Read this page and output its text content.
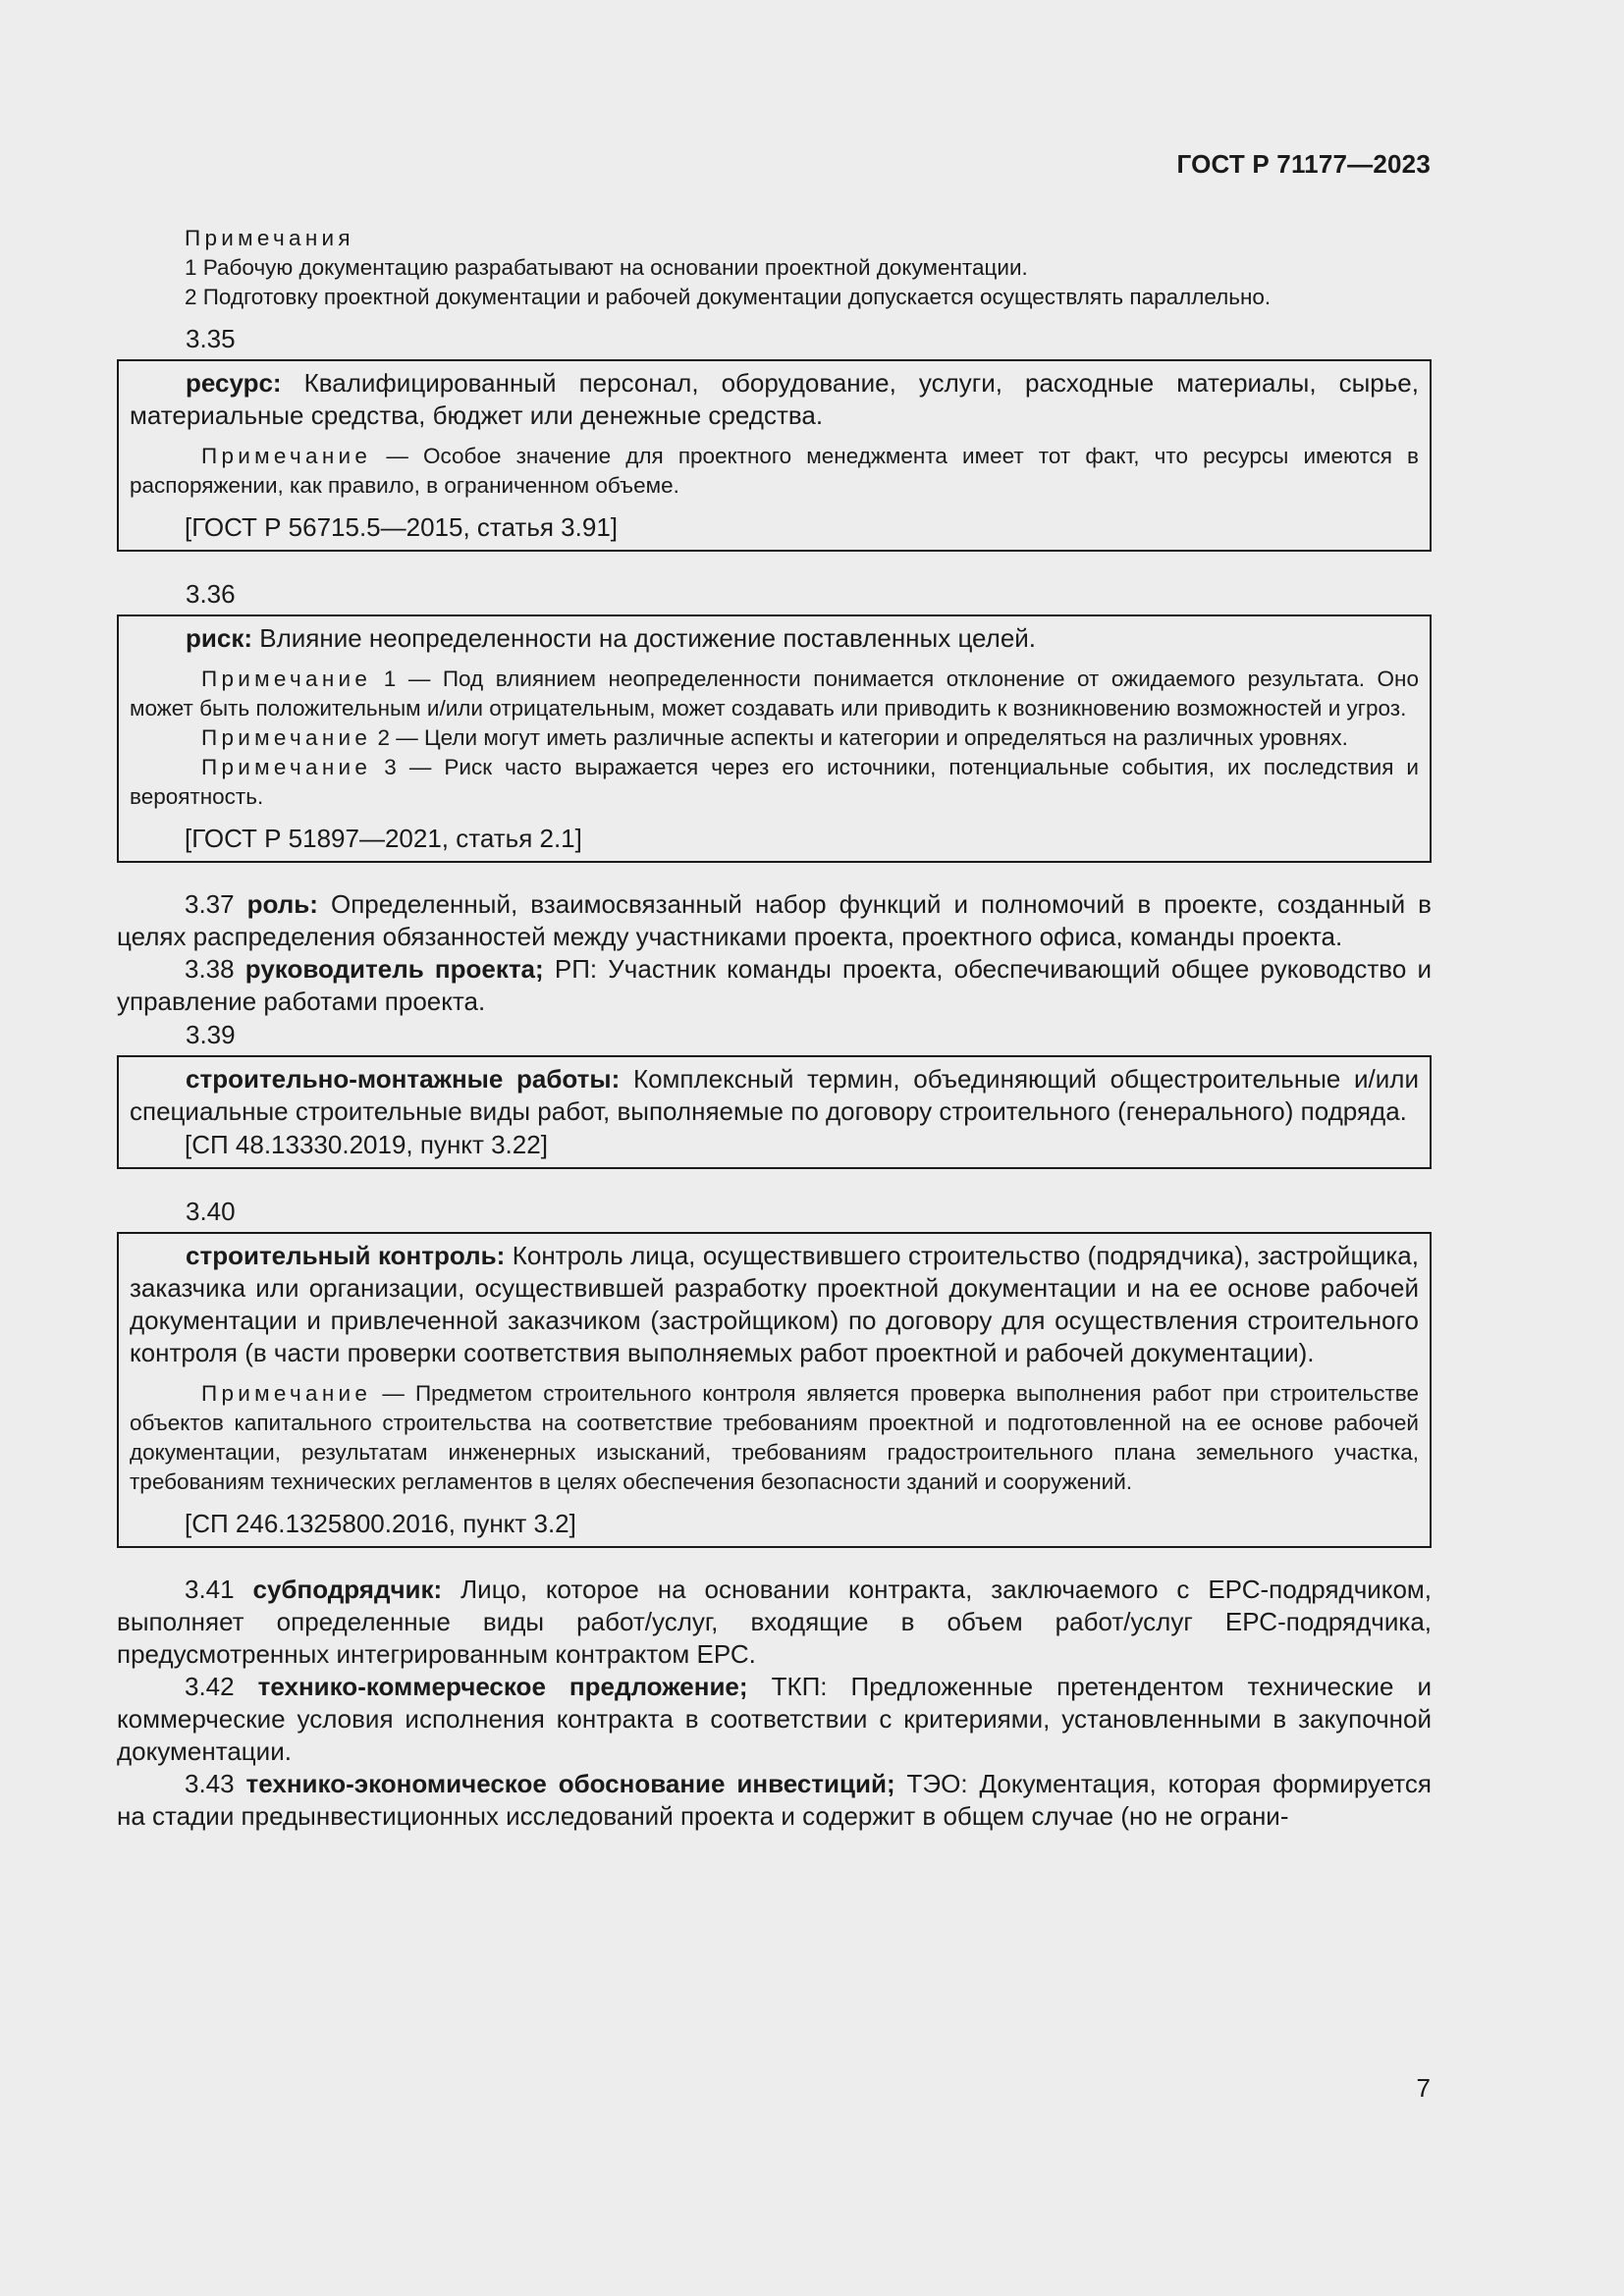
ГОСТ Р 71177—2023
Примечания
1 Рабочую документацию разрабатывают на основании проектной документации.
2 Подготовку проектной документации и рабочей документации допускается осуществлять параллельно.
3.35

ресурс: Квалифицированный персонал, оборудование, услуги, расходные материалы, сырье, материальные средства, бюджет или денежные средства.

Примечание — Особое значение для проектного менеджмента имеет тот факт, что ресурсы имеются в распоряжении, как правило, в ограниченном объеме.

[ГОСТ Р 56715.5—2015, статья 3.91]
3.36

риск: Влияние неопределенности на достижение поставленных целей.

Примечание 1 — Под влиянием неопределенности понимается отклонение от ожидаемого результата. Оно может быть положительным и/или отрицательным, может создавать или приводить к возникновению возможностей и угроз.

Примечание 2 — Цели могут иметь различные аспекты и категории и определяться на различных уровнях.

Примечание 3 — Риск часто выражается через его источники, потенциальные события, их последствия и вероятность.

[ГОСТ Р 51897—2021, статья 2.1]

3.37 роль: Определенный, взаимосвязанный набор функций и полномочий в проекте, созданный в целях распределения обязанностей между участниками проекта, проектного офиса, команды проекта.

3.38 руководитель проекта; РП: Участник команды проекта, обеспечивающий общее руководство и управление работами проекта.

3.39

строительно-монтажные работы: Комплексный термин, объединяющий общестроительные и/или специальные строительные виды работ, выполняемые по договору строительного (генерального) подряда.

[СП 48.13330.2019, пункт 3.22]
3.40

строительный контроль: Контроль лица, осуществившего строительство (подрядчика), застройщика, заказчика или организации, осуществившей разработку проектной документации и на ее основе рабочей документации и привлеченной заказчиком (застройщиком) по договору для осуществления строительного контроля (в части проверки соответствия выполняемых работ проектной и рабочей документации).

Примечание — Предметом строительного контроля является проверка выполнения работ при строительстве объектов капитального строительства на соответствие требованиям проектной и подготовленной на ее основе рабочей документации, результатам инженерных изысканий, требованиям градостроительного плана земельного участка, требованиям технических регламентов в целях обеспечения безопасности зданий и сооружений.

[СП 246.1325800.2016, пункт 3.2]

3.41 субподрядчик: Лицо, которое на основании контракта, заключаемого с ЕРС-подрядчиком, выполняет определенные виды работ/услуг, входящие в объем работ/услуг ЕРС-подрядчика, предусмотренных интегрированным контрактом ЕРС.

3.42 технико-коммерческое предложение; ТКП: Предложенные претендентом технические и коммерческие условия исполнения контракта в соответствии с критериями, установленными в закупочной документации.

3.43 технико-экономическое обоснование инвестиций; ТЭО: Документация, которая формируется на стадии предынвестиционных исследований проекта и содержит в общем случае (но не ограни-

7
